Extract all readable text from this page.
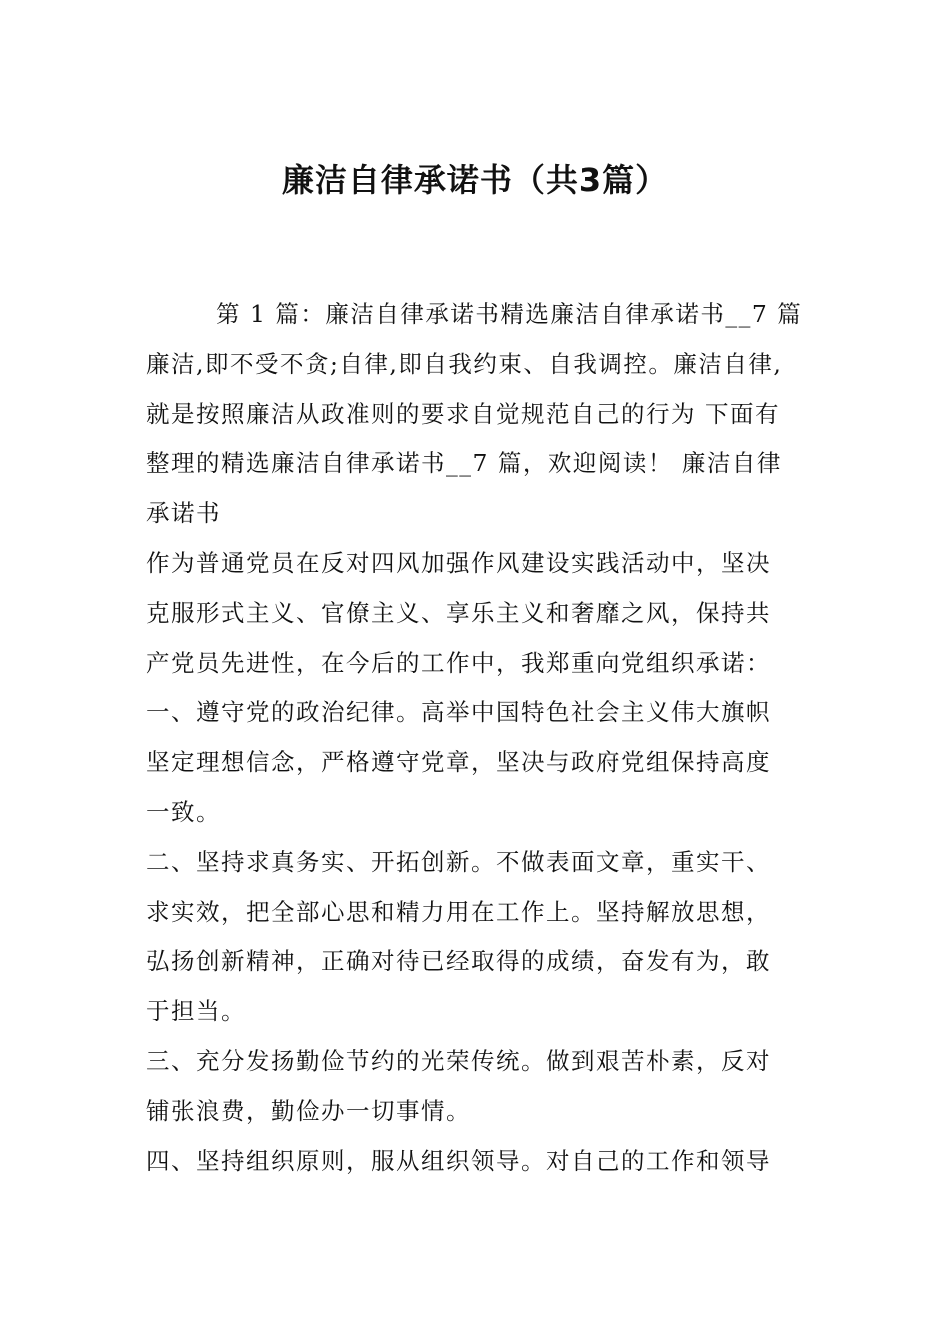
廉洁自律承诺书（共3篇）

第 1 篇：廉洁自律承诺书精选廉洁自律承诺书__7 篇

廉洁,即不受不贪;自律,即自我约束、自我调控。廉洁自律,

就是按照廉洁从政准则的要求自觉规范自己的行为 下面有

整理的精选廉洁自律承诺书__7 篇，欢迎阅读！ 廉洁自律

承诺书

作为普通党员在反对四风加强作风建设实践活动中，坚决

克服形式主义、官僚主义、享乐主义和奢靡之风，保持共

产党员先进性，在今后的工作中，我郑重向党组织承诺：

一、遵守党的政治纪律。高举中国特色社会主义伟大旗帜

坚定理想信念，严格遵守党章，坚决与政府党组保持高度

一致。

二、坚持求真务实、开拓创新。不做表面文章，重实干、

求实效，把全部心思和精力用在工作上。坚持解放思想，

弘扬创新精神，正确对待已经取得的成绩，奋发有为，敢

于担当。

三、充分发扬勤俭节约的光荣传统。做到艰苦朴素，反对

铺张浪费，勤俭办一切事情。

四、坚持组织原则，服从组织领导。对自己的工作和领导
